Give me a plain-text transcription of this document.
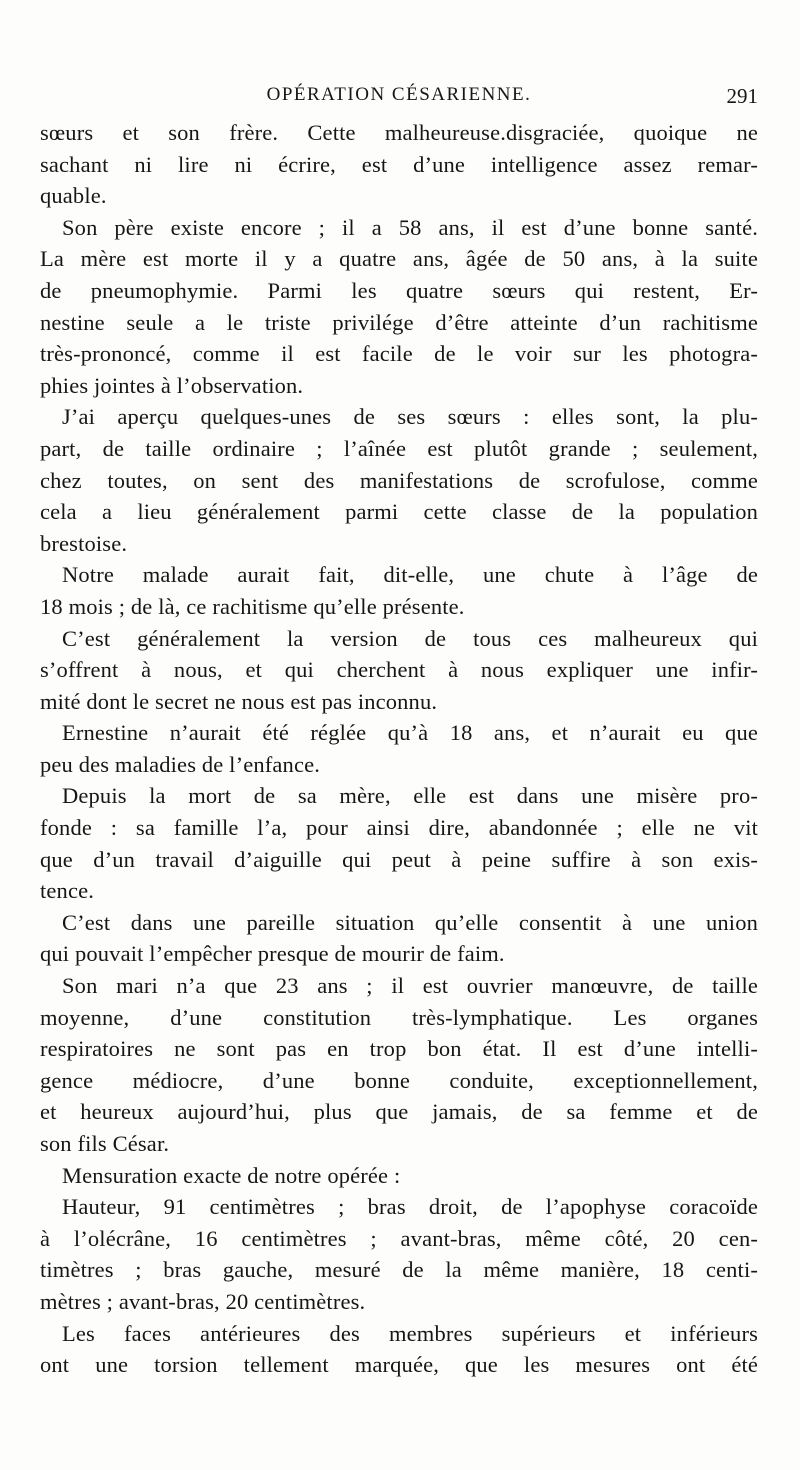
OPÉRATION CÉSARIENNE.	291
sœurs et son frère. Cette malheureuse.disgraciée, quoique ne
sachant ni lire ni écrire, est d’une intelligence assez remar-
quable.
Son père existe encore ; il a 58 ans, il est d’une bonne santé.
La mère est morte il y a quatre ans, âgée de 50 ans, à la suite
de pneumophymie. Parmi les quatre sœurs qui restent, Er-
nestine seule a le triste privilége d’être atteinte d’un rachitisme
très-prononcé, comme il est facile de le voir sur les photogra-
phies jointes à l’observation.
J’ai aperçu quelques-unes de ses sœurs : elles sont, la plu-
part, de taille ordinaire ; l’aînée est plutôt grande ; seulement,
chez toutes, on sent des manifestations de scrofulose, comme
cela a lieu généralement parmi cette classe de la population
brestoise.
Notre malade aurait fait, dit-elle, une chute à l’âge de
18 mois ; de là, ce rachitisme qu’elle présente.
C’est généralement la version de tous ces malheureux qui
s’offrent à nous, et qui cherchent à nous expliquer une infir-
mité dont le secret ne nous est pas inconnu.
Ernestine n’aurait été réglée qu’à 18 ans, et n’aurait eu que
peu des maladies de l’enfance.
Depuis la mort de sa mère, elle est dans une misère pro-
fonde : sa famille l’a, pour ainsi dire, abandonnée ; elle ne vit
que d’un travail d’aiguille qui peut à peine suffire à son exis-
tence.
C’est dans une pareille situation qu’elle consentit à une union
qui pouvait l’empêcher presque de mourir de faim.
Son mari n’a que 23 ans ; il est ouvrier manœuvre, de taille
moyenne, d’une constitution très-lymphatique. Les organes
respiratoires ne sont pas en trop bon état. Il est d’une intelli-
gence médiocre, d’une bonne conduite, exceptionnellement,
et heureux aujourd’hui, plus que jamais, de sa femme et de
son fils César.
Mensuration exacte de notre opérée :
Hauteur, 91 centimètres ; bras droit, de l’apophyse coracoïde
à l’olécrâne, 16 centimètres ; avant-bras, même côté, 20 cen-
timètres ; bras gauche, mesuré de la même manière, 18 centi-
mètres ; avant-bras, 20 centimètres.
Les faces antérieures des membres supérieurs et inférieurs
ont une torsion tellement marquée, que les mesures ont été
